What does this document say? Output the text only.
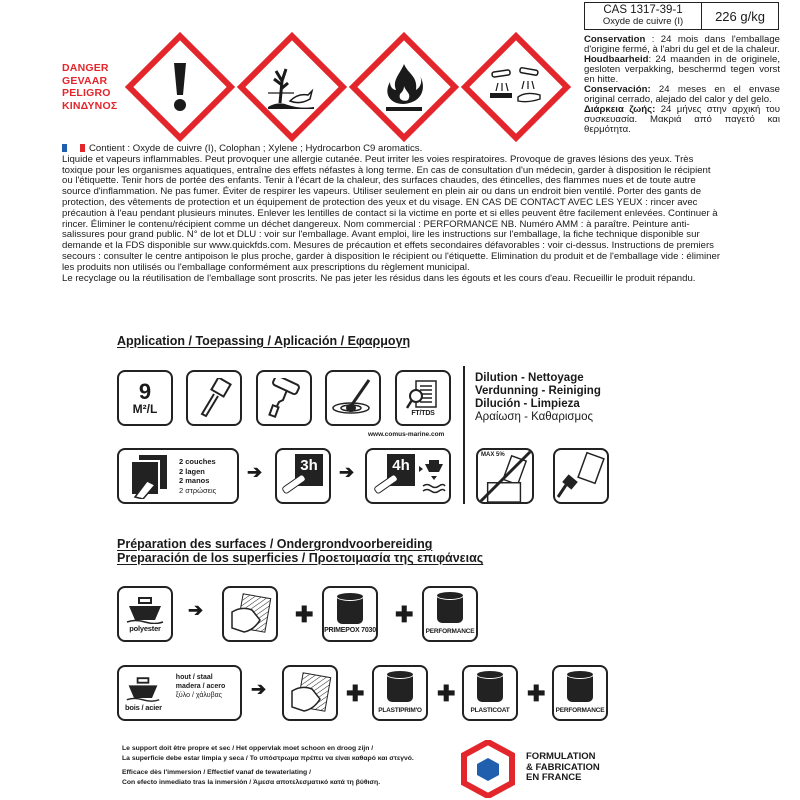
DANGER
GEVAAR
PELIGRO
ΚΙΝΔΥΝΟΣ
CAS 1317-39-1
Oxyde de cuivre (I)	226 g/kg
Conservation : 24 mois dans l'emballage d'origine fermé, à l'abri du gel et de la chaleur.
Houdbaarheid: 24 maanden in de originele, gesloten verpakking, beschermd tegen vorst en hitte.
Conservación: 24 meses en el envase original cerrado, alejado del calor y del gelo.
Διάρκεια ζωής: 24 μήνες στην αρχική του συσκευασία. Μακριά από παγετό και θερμότητα.
Contient : Oxyde de cuivre (I), Colophan ; Xylene ; Hydrocarbon C9 aromatics.
Liquide et vapeurs inflammables. Peut provoquer une allergie cutanée. Peut irriter les voies respiratoires. Provoque de graves lésions des yeux. Très toxique pour les organismes aquatiques, entraîne des effets néfastes à long terme. En cas de consultation d'un médecin, garder à disposition le récipient ou l'étiquette. Tenir hors de portée des enfants. Tenir à l'écart de la chaleur, des surfaces chaudes, des étincelles, des flammes nues et de toute autre source d'inflammation. Ne pas fumer. Éviter de respirer les vapeurs. Utiliser seulement en plein air ou dans un endroit bien ventilé. Porter des gants de protection, des vêtements de protection et un équipement de protection des yeux et du visage. EN CAS DE CONTACT AVEC LES YEUX : rincer avec précaution à l'eau pendant plusieurs minutes. Enlever les lentilles de contact si la victime en porte et si elles peuvent être facilement enlevées. Continuer à rincer. Éliminer le contenu/récipient comme un déchet dangereux. Nom commercial : PERFORMANCE NB. Numéro AMM : à paraître. Peinture anti-salissures pour grand public. N° de lot et DLU : voir sur l'emballage. Avant emploi, lire les instructions sur l'emballage, la fiche technique disponible sur demande et la FDS disponible sur www.quickfds.com. Mesures de précaution et effets secondaires défavorables : voir ci-dessus. Instructions de premiers secours : consulter le centre antipoison le plus proche, garder à disposition le récipient ou l'étiquette. Elimination du produit et de l'emballage vide : éliminer les produits non utilisés ou l'emballage conformément aux prescriptions du règlement municipal.
Le recyclage ou la réutilisation de l'emballage sont proscrits. Ne pas jeter les résidus dans les égouts et les cours d'eau. Recueillir le produit répandu.
Application / Toepassing / Aplicación / Εφαρμογη
9
M²/L	FT/TDS
www.comus-marine.com
Dilution - Nettoyage
Verdunning - Reiniging
Dilución - Limpieza
Αραίωση - Καθαρισμος
2 couches
2 lagen
2 manos
2 στρώσεις
➔	3h ➔	4h
MAX 5%
Préparation des surfaces / Ondergrondvoorbereiding
Preparación de los superficies / Προετοιμασία της επιφάνειας
polyester
➔	✚
PRIMEPOX 7030
✚
PERFORMANCE
bois / acier
hout / staal
madera / acero
ξύλο / χάλυβας ➔	✚
PLASTIPRIM'O
✚
PLASTICOAT
✚
PERFORMANCE
Le support doit être propre et sec / Het oppervlak moet schoon en droog zijn /
La superficie debe estar limpia y seca / Το υπόστρωμα πρέπει να είναι καθαρό και στεγνό.
Efficace dès l'immersion / Effectief vanaf de tewaterlating /
Con efecto inmediato tras la inmersión / Άμεσα αποτελεσματικό κατά τη βύθιση.
FORMULATION
& FABRICATION
EN FRANCE
